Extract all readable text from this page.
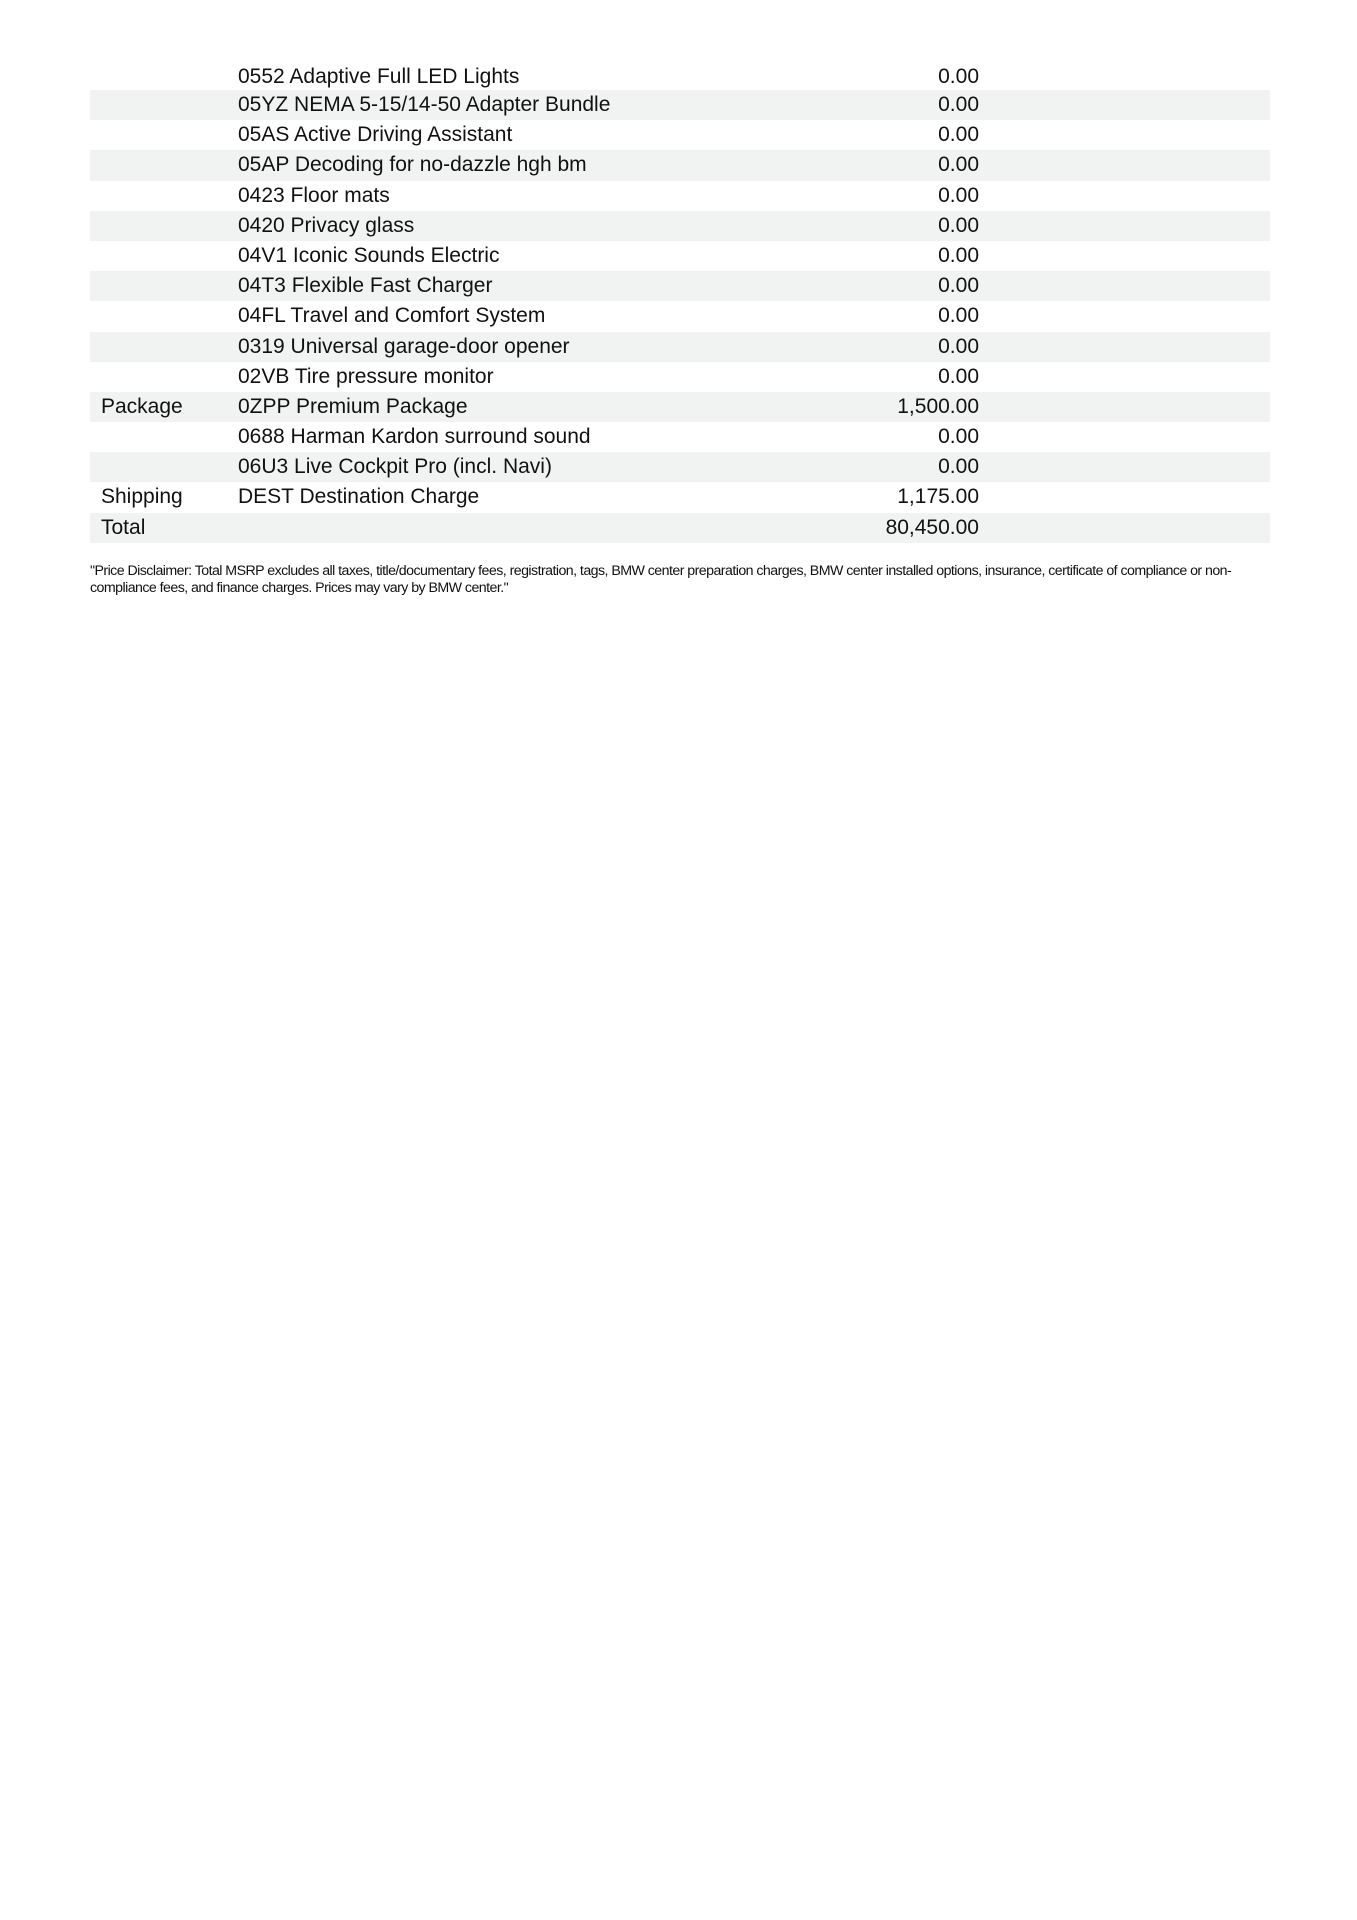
0552 Adaptive Full LED Lights	0.00
05YZ NEMA 5-15/14-50 Adapter Bundle	0.00
05AS Active Driving Assistant	0.00
05AP Decoding for no-dazzle hgh bm	0.00
0423 Floor mats	0.00
0420 Privacy glass	0.00
04V1 Iconic Sounds Electric	0.00
04T3 Flexible Fast Charger	0.00
04FL Travel and Comfort System	0.00
0319 Universal garage-door opener	0.00
02VB Tire pressure monitor	0.00
Package	0ZPP Premium Package	1,500.00
0688 Harman Kardon surround sound	0.00
06U3 Live Cockpit Pro (incl. Navi)	0.00
Shipping	DEST Destination Charge	1,175.00
Total	80,450.00
"Price Disclaimer: Total MSRP excludes all taxes, title/documentary fees, registration, tags, BMW center preparation charges, BMW center installed options, insurance, certificate of compliance or non-compliance fees, and finance charges. Prices may vary by BMW center."
